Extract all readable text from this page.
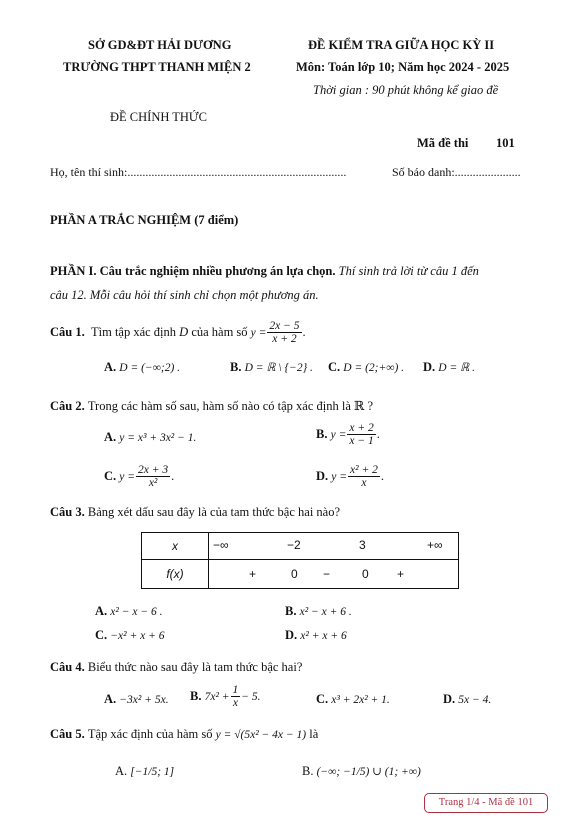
SỞ GD&ĐT HẢI DƯƠNG
TRƯỜNG THPT THANH MIỆN 2
ĐỀ KIỂM TRA GIỮA HỌC KỲ II
Môn: Toán lớp 10; Năm học 2024 - 2025
Thời gian : 90 phút không kể giao đề
ĐỀ CHÍNH THỨC
Mã đề thi 101
Họ, tên thí sinh:.........................................................................	Số báo danh:......................
PHẦN A TRẮC NGHIỆM (7 điểm)
PHẦN I. Câu trắc nghiệm nhiều phương án lựa chọn. Thí sinh trả lời từ câu 1 đến
câu 12. Mỗi câu hỏi thí sinh chỉ chọn một phương án.
Câu 1.
Tìm tập xác định
D
của hàm số
$y = \frac{2x - 5}{x + 2}$ .
A. D = (−∞;2) .	B. D = ℝ \ {−2} . C. D = (2;+∞) . D. D = ℝ .
Câu 2. Trong các hàm số sau, hàm số nào có tập xác định là ℝ ?
A. y = x³ + 3x² − 1.	B.
$y = \frac{x + 2}{x - 1}$ .
C.
$y = \frac{2x + 3}{\text{x²}}$ .	D.
$y = \frac{\text{x² + 2}}{x}$ .
Câu 3. Bảng xét dấu sau đây là của tam thức bậc hai nào?
x	−∞ −2 3 +∞

f(x)	+ 0 − 0 +
A. x² − x − 6 .	B. x² − x + 6 .
C. −x² + x + 6	D. x² + x + 6
Câu 4. Biểu thức nào sau đây là tam thức bậc hai?
A. −3x² + 5x. B.
$7x^2 + \frac{1}{x} - 5$.	C. x³ + 2x² + 1.	D. 5x − 4.
Câu 5. Tập xác định của hàm số y = √(5x² − 4x − 1) là
A. [−1/5; 1]	B. (−∞; −1/5) ∪ (1; +∞)
Trang 1/4 - Mã đề 101
